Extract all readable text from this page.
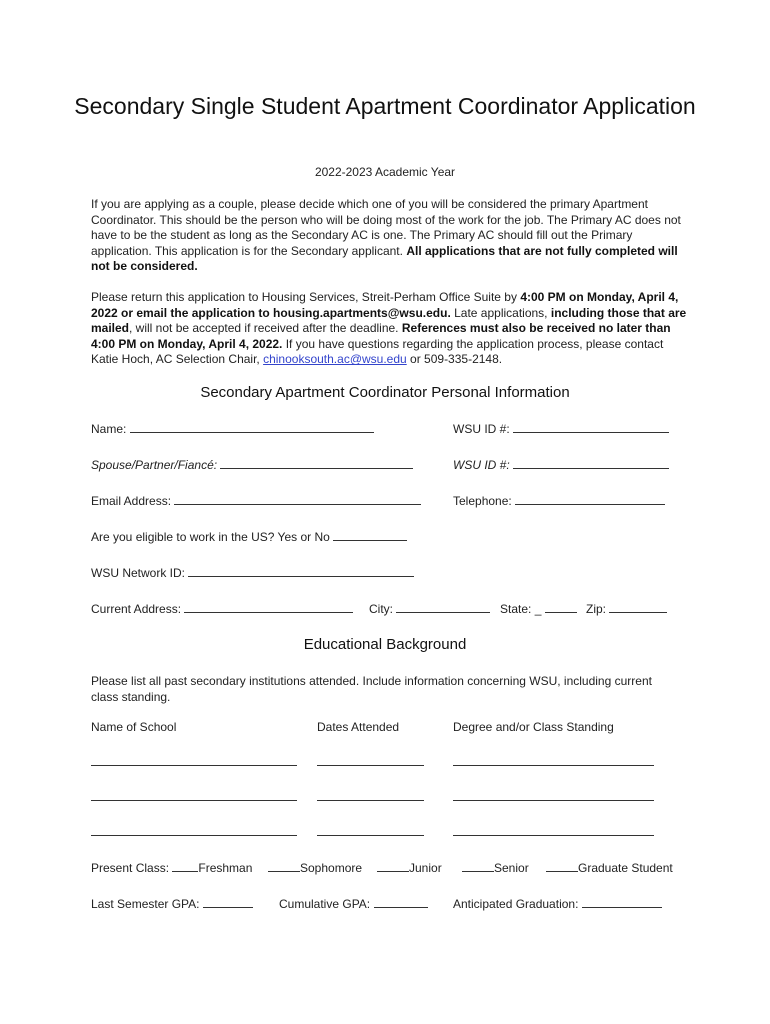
Secondary Single Student Apartment Coordinator Application
2022-2023 Academic Year
If you are applying as a couple, please decide which one of you will be considered the primary Apartment Coordinator. This should be the person who will be doing most of the work for the job. The Primary AC does not have to be the student as long as the Secondary AC is one. The Primary AC should fill out the Primary application. This application is for the Secondary applicant. All applications that are not fully completed will not be considered.
Please return this application to Housing Services, Streit-Perham Office Suite by 4:00 PM on Monday, April 4, 2022 or email the application to housing.apartments@wsu.edu. Late applications, including those that are mailed, will not be accepted if received after the deadline. References must also be received no later than 4:00 PM on Monday, April 4, 2022. If you have questions regarding the application process, please contact Katie Hoch, AC Selection Chair, chinooksouth.ac@wsu.edu or 509-335-2148.
Secondary Apartment Coordinator Personal Information
Name:	WSU ID #:
Spouse/Partner/Fiancé:	WSU ID #:
Email Address:	Telephone:
Are you eligible to work in the US? Yes or No
WSU Network ID:
Current Address:	City:	State: _	Zip:
Educational Background
Please list all past secondary institutions attended. Include information concerning WSU, including current class standing.
Name of School	Dates Attended	Degree and/or Class Standing
Present Class: Freshman	Sophomore	Junior	Senior	Graduate Student
Last Semester GPA:	Cumulative GPA:	Anticipated Graduation:
